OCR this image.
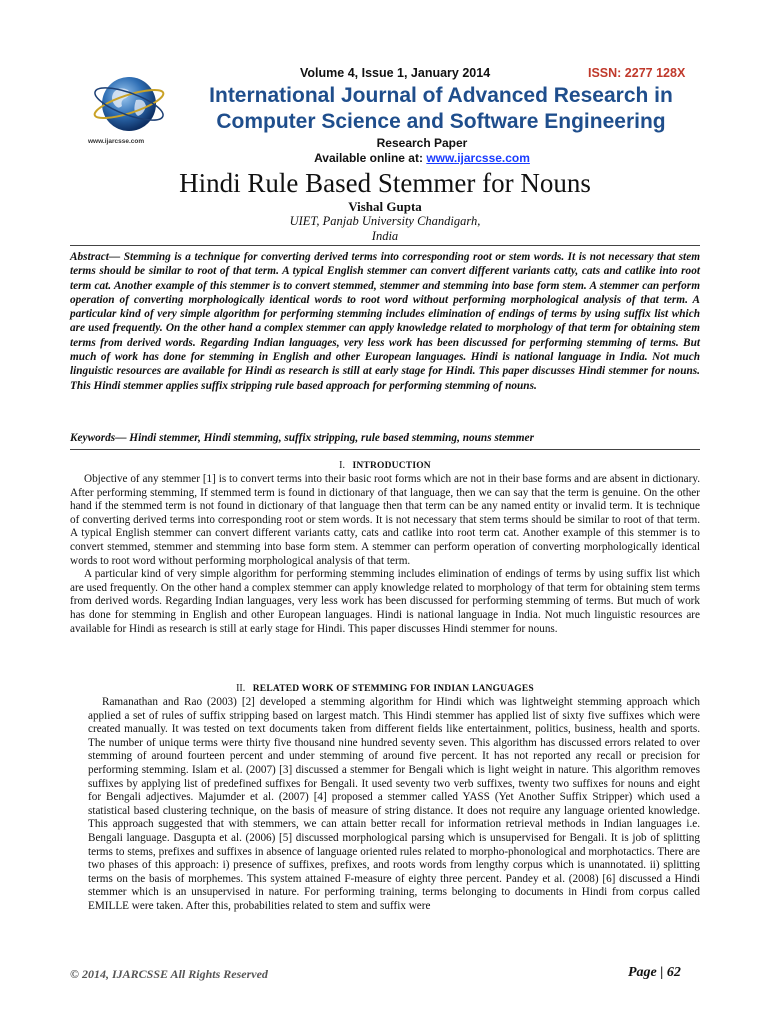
www.ijarcsse.com
Volume 4, Issue 1, January 2014	ISSN: 2277 128X
International Journal of Advanced Research in
Computer Science and Software Engineering
Research Paper
Available online at: www.ijarcsse.com
Hindi Rule Based Stemmer for Nouns
Vishal Gupta
UIET, Panjab University Chandigarh,
India
Abstract— Stemming is a technique for converting derived terms into corresponding root or stem words. It is not necessary that stem terms should be similar to root of that term. A typical English stemmer can convert different variants catty, cats and catlike into root term cat. Another example of this stemmer is to convert stemmed, stemmer and stemming into base form stem. A stemmer can perform operation of converting morphologically identical words to root word without performing morphological analysis of that term. A particular kind of very simple algorithm for performing stemming includes elimination of endings of terms by using suffix list which are used frequently. On the other hand a complex stemmer can apply knowledge related to morphology of that term for obtaining stem terms from derived words. Regarding Indian languages, very less work has been discussed for performing stemming of terms. But much of work has done for stemming in English and other European languages. Hindi is national language in India. Not much linguistic resources are available for Hindi as research is still at early stage for Hindi. This paper discusses Hindi stemmer for nouns. This Hindi stemmer applies suffix stripping rule based approach for performing stemming of nouns.
Keywords— Hindi stemmer, Hindi stemming, suffix stripping, rule based stemming, nouns stemmer
I. INTRODUCTION

Objective of any stemmer [1] is to convert terms into their basic root forms which are not in their base forms and are absent in dictionary. After performing stemming, If stemmed term is found in dictionary of that language, then we can say that the term is genuine. On the other hand if the stemmed term is not found in dictionary of that language then that term can be any named entity or invalid term. It is technique of converting derived terms into corresponding root or stem words. It is not necessary that stem terms should be similar to root of that term. A typical English stemmer can convert different variants catty, cats and catlike into root term cat. Another example of this stemmer is to convert stemmed, stemmer and stemming into base form stem. A stemmer can perform operation of converting morphologically identical words to root word without performing morphological analysis of that term.

A particular kind of very simple algorithm for performing stemming includes elimination of endings of terms by using suffix list which are used frequently. On the other hand a complex stemmer can apply knowledge related to morphology of that term for obtaining stem terms from derived words. Regarding Indian languages, very less work has been discussed for performing stemming of terms. But much of work has done for stemming in English and other European languages. Hindi is national language in India. Not much linguistic resources are available for Hindi as research is still at early stage for Hindi. This paper discusses Hindi stemmer for nouns.

II. RELATED WORK OF STEMMING FOR INDIAN LANGUAGES

Ramanathan and Rao (2003) [2] developed a stemming algorithm for Hindi which was lightweight stemming approach which applied a set of rules of suffix stripping based on largest match. This Hindi stemmer has applied list of sixty five suffixes which were created manually. It was tested on text documents taken from different fields like entertainment, politics, business, health and sports. The number of unique terms were thirty five thousand nine hundred seventy seven. This algorithm has discussed errors related to over stemming of around fourteen percent and under stemming of around five percent. It has not reported any recall or precision for performing stemming. Islam et al. (2007) [3] discussed a stemmer for Bengali which is light weight in nature. This algorithm removes suffixes by applying list of predefined suffixes for Bengali. It used seventy two verb suffixes, twenty two suffixes for nouns and eight for Bengali adjectives. Majumder et al. (2007) [4] proposed a stemmer called YASS (Yet Another Suffix Stripper) which used a statistical based clustering technique, on the basis of measure of string distance. It does not require any language oriented knowledge. This approach suggested that with stemmers, we can attain better recall for information retrieval methods in Indian languages i.e. Bengali language. Dasgupta et al. (2006) [5] discussed morphological parsing which is unsupervised for Bengali. It is job of splitting terms to stems, prefixes and suffixes in absence of language oriented rules related to morpho-phonological and morphotactics. There are two phases of this approach: i) presence of suffixes, prefixes, and roots words from lengthy corpus which is unannotated. ii) splitting terms on the basis of morphemes. This system attained F-measure of eighty three percent. Pandey et al. (2008) [6] discussed a Hindi stemmer which is an unsupervised in nature. For performing training, terms belonging to documents in Hindi from corpus called EMILLE were taken. After this, probabilities related to stem and suffix were

© 2014, IJARCSSE All Rights Reserved	Page | 62
